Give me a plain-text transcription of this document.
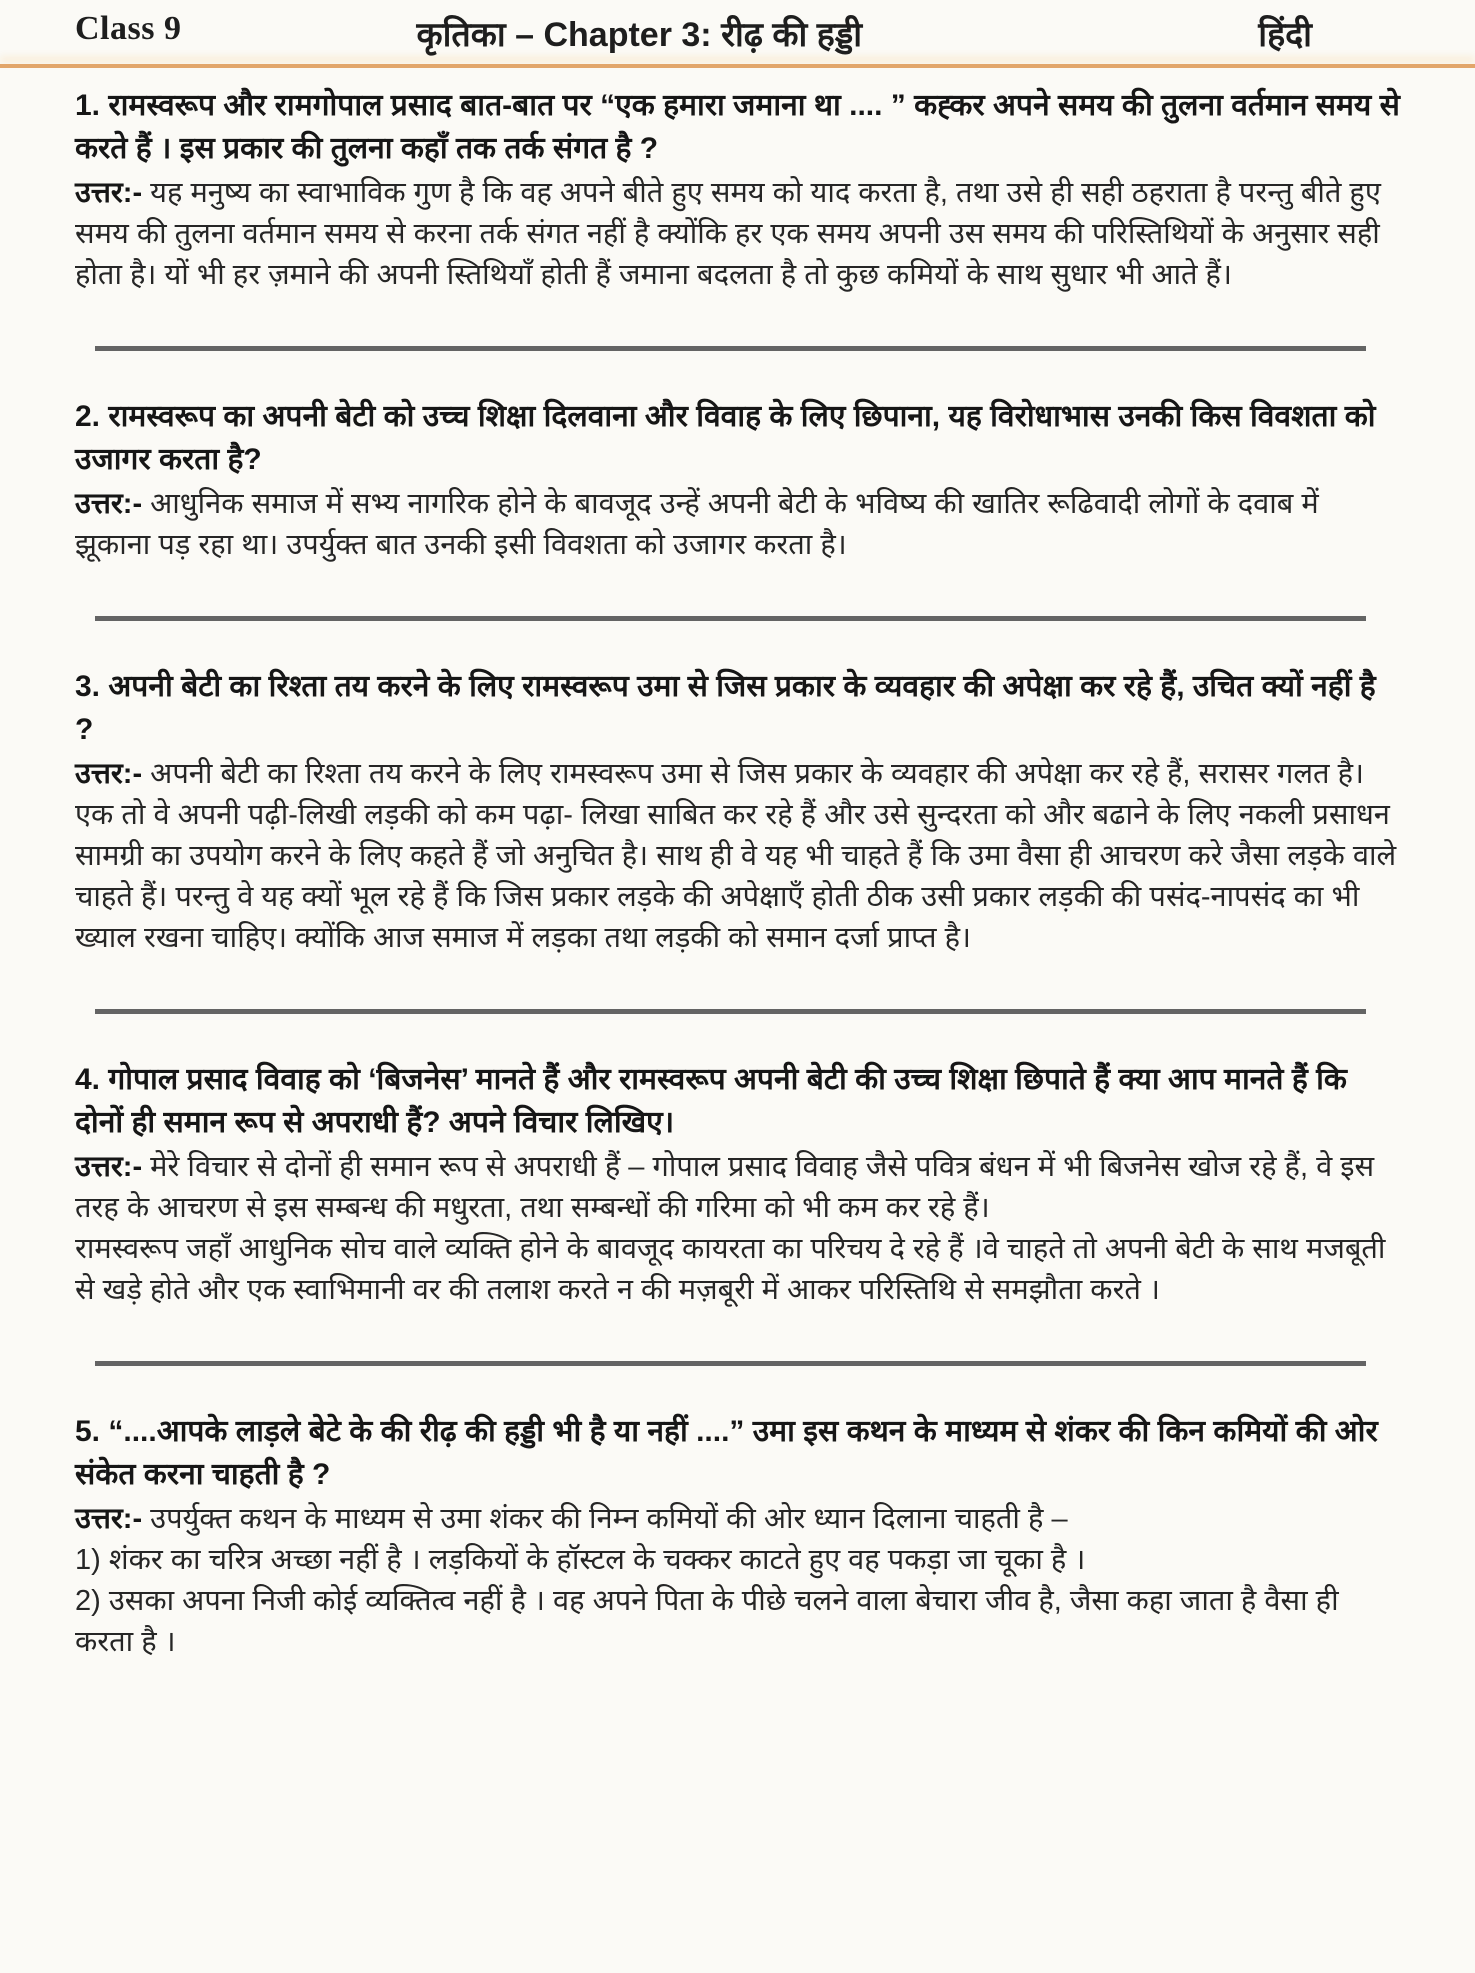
Class 9	कृतिका – Chapter 3: रीढ़ की हड्डी	हिंदी
1. रामस्वरूप और रामगोपाल प्रसाद बात-बात पर “एक हमारा जमाना था .... ” कह्कर अपने समय की तुलना वर्तमान समय से करते हैं । इस प्रकार की तुलना कहाँ तक तर्क संगत है ?

उत्तर:- यह मनुष्य का स्वाभाविक गुण है कि वह अपने बीते हुए समय को याद करता है, तथा उसे ही सही ठहराता है परन्तु बीते हुए समय की तुलना वर्तमान समय से करना तर्क संगत नहीं है क्योंकि हर एक समय अपनी उस समय की परिस्तिथियों के अनुसार सही होता है। यों भी हर ज़माने की अपनी स्तिथियाँ होती हैं जमाना बदलता है तो कुछ कमियों के साथ सुधार भी आते हैं।

2. रामस्वरूप का अपनी बेटी को उच्च शिक्षा दिलवाना और विवाह के लिए छिपाना, यह विरोधाभास उनकी किस विवशता को उजागर करता है?

उत्तर:- आधुनिक समाज में सभ्य नागरिक होने के बावजूद उन्हें अपनी बेटी के भविष्य की खातिर रूढिवादी लोगों के दवाब में झूकाना पड़ रहा था। उपर्युक्त बात उनकी इसी विवशता को उजागर करता है।

3. अपनी बेटी का रिश्ता तय करने के लिए रामस्वरूप उमा से जिस प्रकार के व्यवहार की अपेक्षा कर रहे हैं, उचित क्यों नहीं है ?

उत्तर:- अपनी बेटी का रिश्ता तय करने के लिए रामस्वरूप उमा से जिस प्रकार के व्यवहार की अपेक्षा कर रहे हैं, सरासर गलत है। एक तो वे अपनी पढ़ी-लिखी लड़की को कम पढ़ा- लिखा साबित कर रहे हैं और उसे सुन्दरता को और बढाने के लिए नकली प्रसाधन सामग्री का उपयोग करने के लिए कहते हैं जो अनुचित है। साथ ही वे यह भी चाहते हैं कि उमा वैसा ही आचरण करे जैसा लड़के वाले चाहते हैं। परन्तु वे यह क्यों भूल रहे हैं कि जिस प्रकार लड़के की अपेक्षाएँ होती ठीक उसी प्रकार लड़की की पसंद-नापसंद का भी ख्याल रखना चाहिए। क्योंकि आज समाज में लड़का तथा लड़की को समान दर्जा प्राप्त है।

4. गोपाल प्रसाद विवाह को ‘बिजनेस’ मानते हैं और रामस्वरूप अपनी बेटी की उच्च शिक्षा छिपाते हैं क्या आप मानते हैं कि दोनों ही समान रूप से अपराधी हैं? अपने विचार लिखिए।

उत्तर:- मेरे विचार से दोनों ही समान रूप से अपराधी हैं – गोपाल प्रसाद विवाह जैसे पवित्र बंधन में भी बिजनेस खोज रहे हैं, वे इस तरह के आचरण से इस सम्बन्ध की मधुरता, तथा सम्बन्धों की गरिमा को भी कम कर रहे हैं।

रामस्वरूप जहाँ आधुनिक सोच वाले व्यक्ति होने के बावजूद कायरता का परिचय दे रहे हैं ।वे चाहते तो अपनी बेटी के साथ मजबूती से खड़े होते और एक स्वाभिमानी वर की तलाश करते न की मज़बूरी में आकर परिस्तिथि से समझौता करते ।

5. “....आपके लाड़ले बेटे के की रीढ़ की हड्डी भी है या नहीं ....” उमा इस कथन के माध्यम से शंकर की किन कमियों की ओर संकेत करना चाहती है ?

उत्तर:- उपर्युक्त कथन के माध्यम से उमा शंकर की निम्न कमियों की ओर ध्यान दिलाना चाहती है –

1) शंकर का चरित्र अच्छा नहीं है । लड़कियों के हॉस्टल के चक्कर काटते हुए वह पकड़ा जा चूका है ।

2) उसका अपना निजी कोई व्यक्तित्व नहीं है । वह अपने पिता के पीछे चलने वाला बेचारा जीव है, जैसा कहा जाता है वैसा ही करता है ।
